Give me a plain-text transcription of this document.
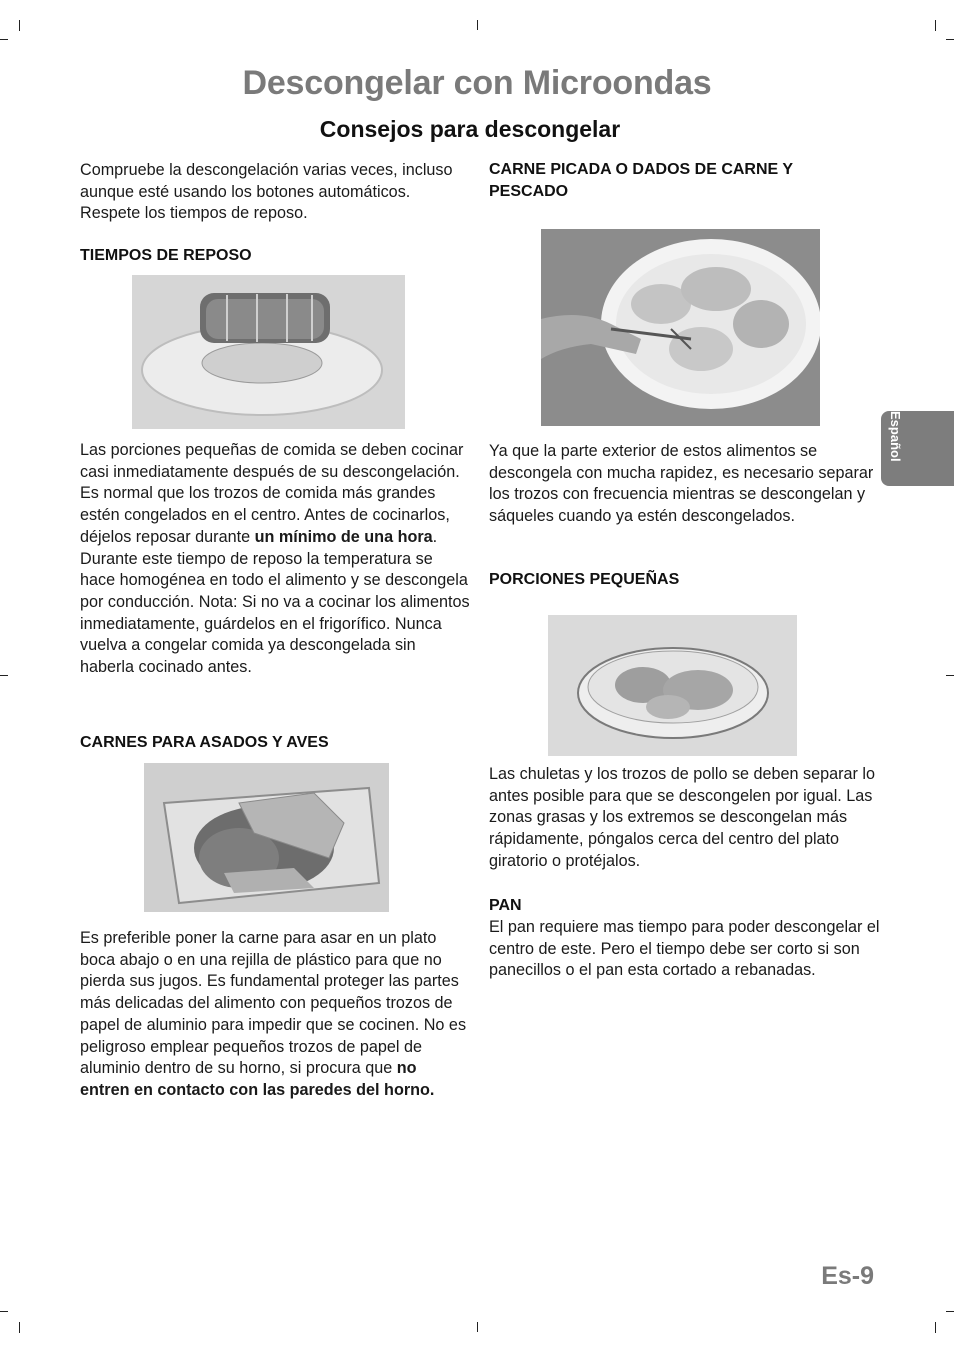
Descongelar con Microondas
Consejos para descongelar
Compruebe la descongelación varias veces, incluso aunque esté usando los botones automáticos. Respete los tiempos de reposo.
TIEMPOS DE REPOSO
Las porciones pequeñas de comida se deben cocinar casi inmediatamente después de su descongelación. Es normal que los trozos de comida más grandes estén congelados en el centro. Antes de cocinarlos, déjelos reposar durante un mínimo de una hora. Durante este tiempo de reposo la temperatura se hace homogénea en todo el alimento y se descongela por conducción. Nota: Si no va a cocinar los alimentos inmediatamente, guárdelos en el frigorífico. Nunca vuelva a congelar comida ya descongelada sin haberla cocinado antes.
CARNES PARA ASADOS Y AVES
Es preferible poner la carne para asar en un plato boca abajo o en una rejilla de plástico para que no pierda sus jugos. Es fundamental proteger las partes más delicadas del alimento con pequeños trozos de papel de aluminio para impedir que se cocinen. No es peligroso emplear pequeños trozos de papel de aluminio dentro de su horno, si procura que no entren en contacto con las paredes del horno.
CARNE PICADA O DADOS DE CARNE Y PESCADO
Ya que la parte exterior de estos alimentos se descongela con mucha rapidez, es necesario separar los trozos con frecuencia mientras se descongelan y sáqueles cuando ya estén descongelados.
PORCIONES PEQUEÑAS
Las chuletas y los trozos de pollo se deben separar lo antes posible para que se descongelen por igual. Las zonas grasas y los extremos se descongelan más rápidamente, póngalos cerca del centro del plato giratorio o protéjalos.
PAN
El pan requiere mas tiempo para poder descongelar el centro de este. Pero el tiempo debe ser corto si son panecillos o el pan esta cortado a rebanadas.
Español
Es-9
